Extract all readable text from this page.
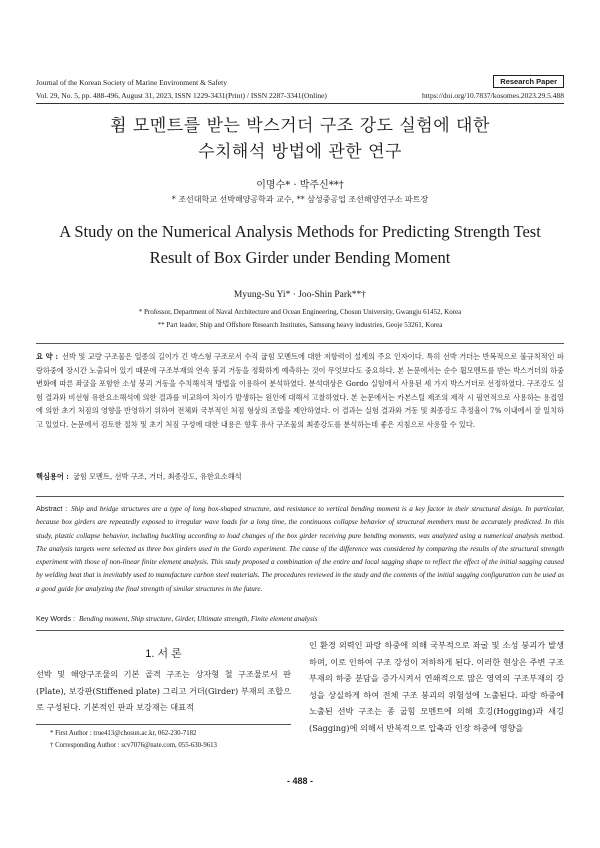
Journal of the Korean Society of Marine Environment & Safety
Vol. 29, No. 5, pp. 488-496, August 31, 2023, ISSN 1229-3431(Print) / ISSN 2287-3341(Online)
Research Paper
https://doi.org/10.7837/kosomes.2023.29.5.488
휨 모멘트를 받는 박스거더 구조 강도 실험에 대한
수치해석 방법에 관한 연구
이명수* · 박주신**†
* 조선대학교 선박해양공학과 교수, ** 삼성중공업 조선해양연구소 파트장
A Study on the Numerical Analysis Methods for Predicting Strength Test
Result of Box Girder under Bending Moment
Myung-Su Yi* · Joo-Shin Park**†
* Professor, Department of Naval Architecture and Ocean Engineering, Chosun University, Gwangju 61452, Korea
** Part leader, Ship and Offshore Research Institutes, Samsung heavy industries, Geoje 53261, Korea
요 약 : 선박 및 교량 구조물은 일종의 길이가 긴 박스형 구조로서 수직 굽힘 모멘트에 대한 저항력이 설계의 주요 인자이다. 특히 선박 거더는 반복적으로 불규칙적인 파랑하중에 장시간 노출되어 있기 때문에 구조부재의 연속 붕괴 거동을 정확하게 예측하는 것이 무엇보다도 중요하다. 본 논문에서는 순수 휨모멘트를 받는 박스거더의 하중 변화에 따른 좌굴을 포함한 소성 붕괴 거동을 수치해석적 방법을 이용하여 분석하였다. 분석대상은 Gordo 실험에서 사용된 세 가지 박스거더로 선정하였다. 구조강도 실험 결과와 비선형 유한요소해석에 의한 결과를 비교하여 차이가 발생하는 원인에 대해서 고찰하였다. 본 논문에서는 카본스틸 제조의 제작 시 필연적으로 사용하는 용접열에 의한 초기 처짐의 영향을 반영하기 위하여 전체와 국부적인 처짐 형상의 조합을 제안하였다. 이 결과는 실험 결과와 거동 및 최종강도 추정율이 7% 이내에서 잘 일치하고 있었다. 논문에서 검토한 절차 및 초기 처짐 구성에 대한 내용은 향후 유사 구조물의 최종강도를 분석하는데 좋은 지침으로 사용할 수 있다.
핵심용어 : 굽힘 모멘트, 선박 구조, 거더, 최종강도, 유한요소해석
Abstract : Ship and bridge structures are a type of long box-shaped structure, and resistance to vertical bending moment is a key factor in their structural design. In particular, because box girders are repeatedly exposed to irregular wave loads for a long time, the continuous collapse behavior of structural members must be accurately predicted. In this study, plastic collapse behavior, including buckling according to load changes of the box girder receiving pure bending moments, was analyzed using a numerical analysis method. The analysis targets were selected as three box girders used in the Gordo experiment. The cause of the difference was considered by comparing the results of the structural strength experiment with those of non-linear finite element analysis. This study proposed a combination of the entire and local sagging shape to reflect the effect of the initial sagging caused by welding heat that is inevitably used to manufacture carbon steel materials. The procedures reviewed in the study and the contents of the initial sagging configuration can be used as a good guide for analyzing the final strength of similar structures in the future.
Key Words : Bending moment, Ship structure, Girder, Ultimate strength, Finite element analysis
1. 서 론
선박 및 해양구조물의 기본 골격 구조는 상자형 철 구조물로서 판(Plate), 보강판(Stiffened plate) 그리고 거더(Girder) 부재의 조합으로 구성된다. 기본적인 판과 보강재는 대표적
인 환경 외력인 파랑 하중에 의해 국부적으로 좌굴 및 소성 붕괴가 발생하며, 이로 인하여 구조 강성이 저하하게 된다. 이러한 현상은 주변 구조 부재의 하중 분담을 증가시켜서 연쇄적으로 많은 영역의 구조부재의 강성을 상실하게 하여 전체 구조 붕괴의 위험성에 노출된다. 파랑 하중에 노출된 선박 구조는 종 굽힘 모멘트에 의해 호깅(Hogging)과 새깅(Sagging)에 의해서 반복적으로 압축과 인장 하중에 영향을
* First Author : true413@chosun.ac.kr, 062-230-7182
† Corresponding Author : scv7076@nate.com, 055-630-9613
- 488 -
